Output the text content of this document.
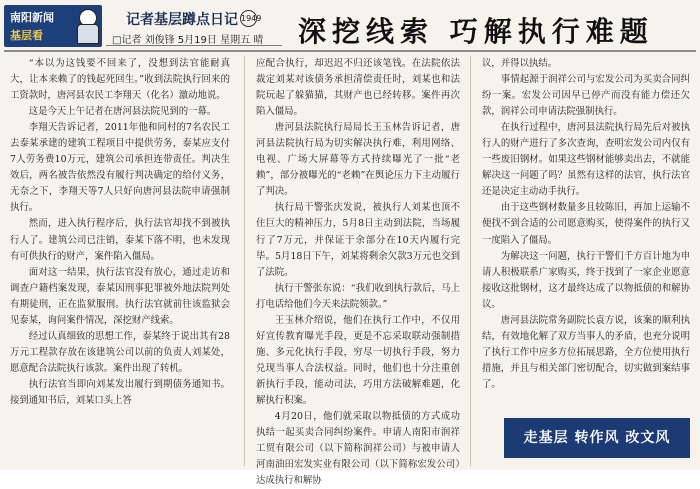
南阳新闻
基层看
记者基层蹲点日记 1949
□记者 刘俊锋 5月19日 星期五 晴 深挖线索 巧解执行难题

“本以为这钱要不回来了，没想到法官能耐真大，让本来赖了的钱起死回生。”收到法院执行回来的工资款时，唐河县农民工李翔天（化名）激动地说。

这是今天上午记者在唐河县法院见到的一幕。

李翔天告诉记者，2011年他和同村的7名农民工去泰某承建的建筑工程项目中提供劳务，泰某应支付7人劳务费10万元，建筑公司承担连带责任。判决生效后，两名被告依然没有履行判决确定的给付义务，无奈之下，李翔天等7人只好向唐河县法院申请强制执行。

然而，进入执行程序后，执行法官却找不到被执行人了。建筑公司已注销，泰某下落不明，也未发现有可供执行的财产，案件陷入僵局。

面对这一结果，执行法官没有放心，通过走访和调查户籍档案发现，泰某因刑事犯罪被外地法院判处有期徒刑，正在监狱服刑。执行法官就前往该监狱会见泰某，询问案件情况，深挖财产线索。

经过认真细致的思想工作，泰某终于说出其有28万元工程款存放在该建筑公司以前的负责人刘某处，愿意配合法院执行该款。案件出现了转机。

执行法官当即向刘某发出履行到期债务通知书。接到通知书后，刘某口头上答

应配合执行，却迟迟不归还该笔钱。在法院依法裁定刘某对该债务承担清偿责任时，刘某也和法院玩起了躲猫猫，其财产也已经转移。案件再次陷入僵局。

唐河县法院执行局局长王玉林告诉记者，唐河县法院执行局为切实解决执行难，利用网络、电视、广场大屏幕等方式持续曝光了一批“老赖”，部分被曝光的“老赖”在舆论压力下主动履行了判决。

执行局干警张庆发说，被执行人刘某也顶不住巨大的精神压力，5月8日主动到法院，当场履行了7万元，并保证于余部分在10天内履行完毕。5月18日下午，刘某将剩余欠款3万元也交到了法院。

执行干警张东说：“我们收到执行款后，马上打电话给他们今天来法院领款。”

王玉林介绍说，他们在执行工作中，不仅用好宣传教育曝光手段，更是不忘采取联动强制措施、多元化执行手段，穷尽一切执行手段，努力兑现当事人合法权益。同时，他们也十分注重创新执行手段，能动司法，巧用方法破解难题，化解执行积案。

4月20日，他们就采取以物抵债的方式成功执结一起买卖合同纠纷案件。申请人南阳市润祥工贸有限公司（以下简称润祥公司）与被申请人河南油田宏发实业有限公司（以下简称宏发公司）达成执行和解协

议，并得以执结。

事情起源于润祥公司与宏发公司为买卖合同纠纷一案。宏发公司因早已停产而没有能力偿还欠款，润祥公司申请法院强制执行。

在执行过程中，唐河县法院执行局先后对被执行人的财产进行了多次查询，查明宏发公司内仅有一些废旧钢材。如果这些钢材能够卖出去，不就能解决这一问题了吗？虽然有这样的法官，执行法官还是决定主动动手执行。

由于这些钢材数量多且较陈旧，再加上运输不便找不到合适的公司愿意购买，使得案件的执行又一度陷入了僵局。

为解决这一问题，执行干警们千方百计地为申请人积极联系广家购买，终于找到了一家企业愿意接收这批钢材，这才最终达成了以物抵债的和解协议。

唐河县法院常务副院长袁方说，该案的顺利执结，有效地化解了双方当事人的矛盾，也充分说明了执行工作中应多方位拓展思路，全方位使用执行措施，并且与相关部门密切配合，切实做到案结事了。

走基层 转作风 改文风
